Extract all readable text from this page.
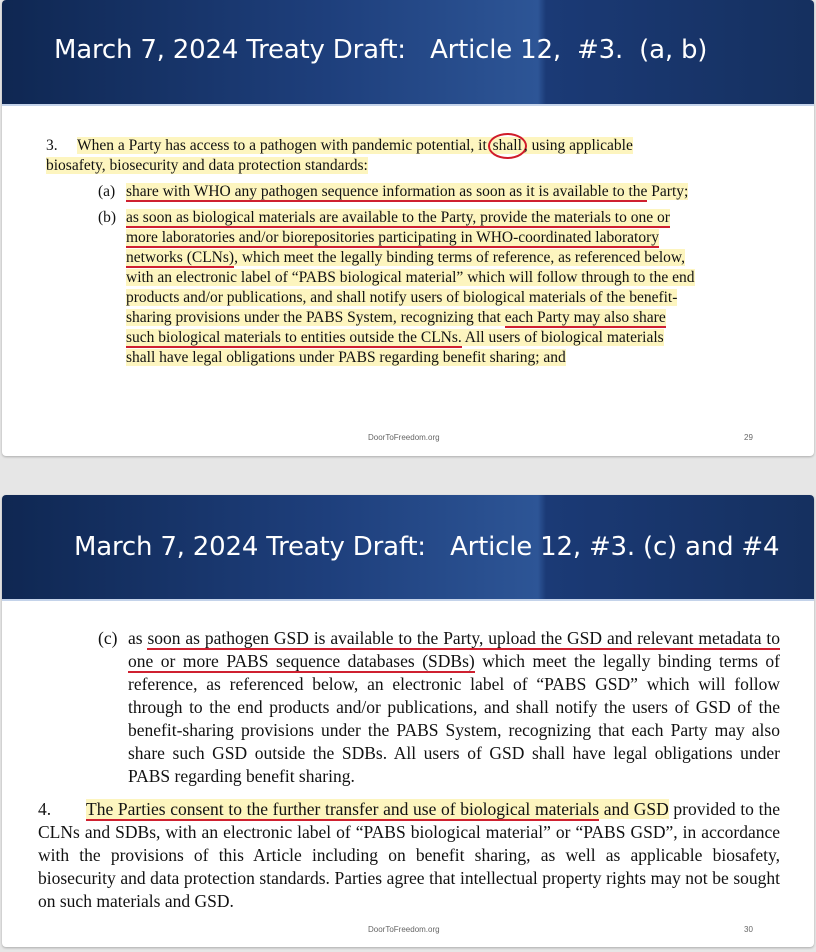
March 7, 2024 Treaty Draft:   Article 12,  #3.  (a, b)

3. When a Party has access to a pathogen with pandemic potential, it shall , using applicable biosafety, biosecurity and data protection standards:

(a) share with WHO any pathogen sequence information as soon as it is available to the Party;

(b) as soon as biological materials are available to the Party, provide the materials to one or more laboratories and/or biorepositories participating in WHO-coordinated laboratory networks (CLNs), which meet the legally binding terms of reference, as referenced below, with an electronic label of “PABS biological material” which will follow through to the end products and/or publications, and shall notify users of biological materials of the benefit-sharing provisions under the PABS System, recognizing that each Party may also share such biological materials to entities outside the CLNs. All users of biological materials shall have legal obligations under PABS regarding benefit sharing; and

DoorToFreedom.org	29
March 7, 2024 Treaty Draft:   Article 12, #3. (c) and #4

(c) as soon as pathogen GSD is available to the Party, upload the GSD and relevant metadata to one or more PABS sequence databases (SDBs) which meet the legally binding terms of reference, as referenced below, an electronic label of “PABS GSD” which will follow through to the end products and/or publications, and shall notify the users of GSD of the benefit-sharing provisions under the PABS System, recognizing that each Party may also share such GSD outside the SDBs. All users of GSD shall have legal obligations under PABS regarding benefit sharing.

4. The Parties consent to the further transfer and use of biological materials and GSD provided to the CLNs and SDBs, with an electronic label of “PABS biological material” or “PABS GSD”, in accordance with the provisions of this Article including on benefit sharing, as well as applicable biosafety, biosecurity and data protection standards. Parties agree that intellectual property rights may not be sought on such materials and GSD.

DoorToFreedom.org	30
